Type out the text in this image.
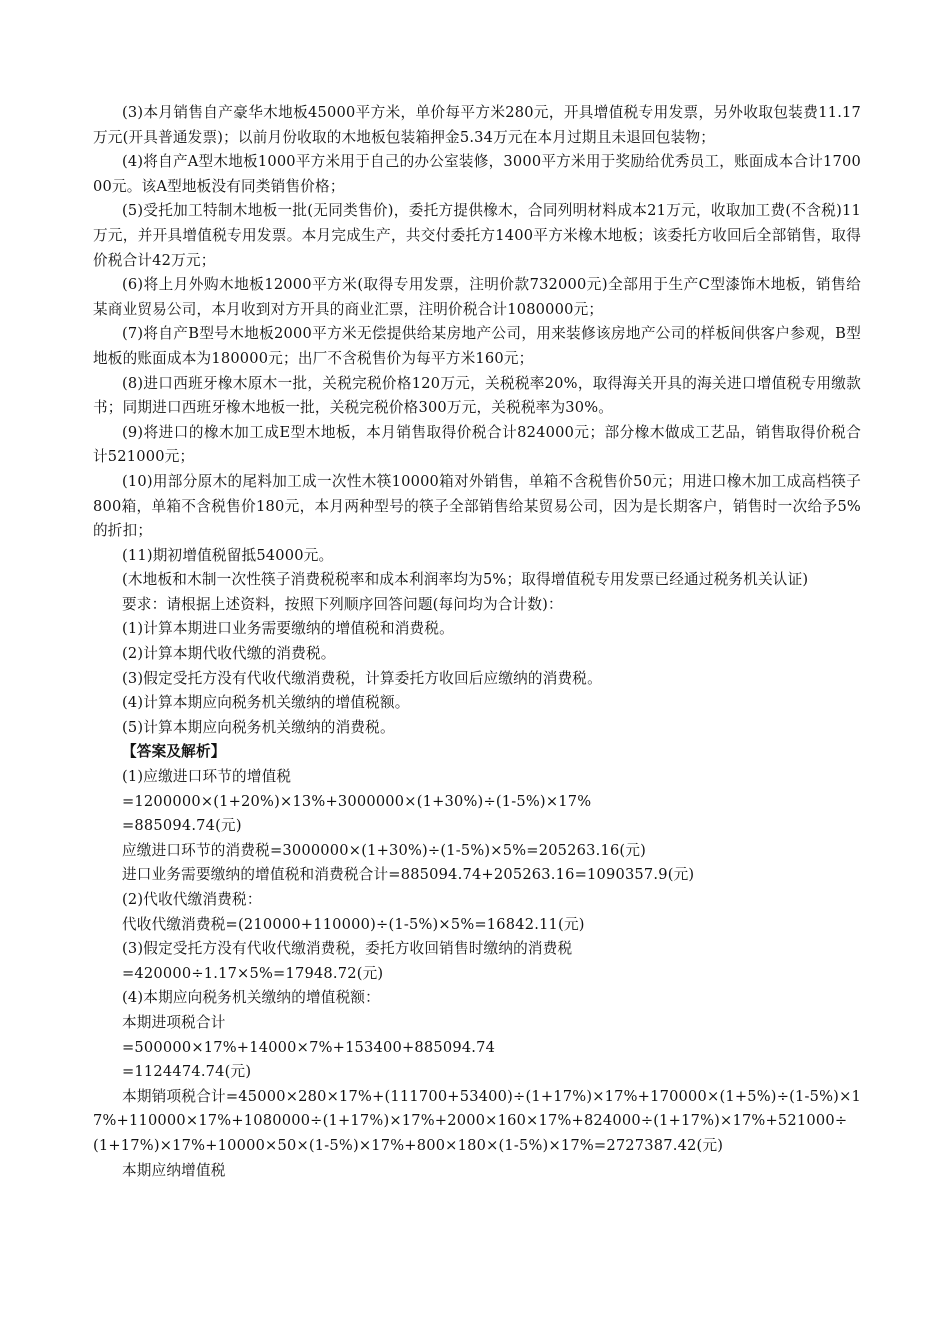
(3)本月销售自产豪华木地板45000平方米，单价每平方米280元，开具增值税专用发票，另外收取包装费11.17万元(开具普通发票)；以前月份收取的木地板包装箱押金5.34万元在本月过期且未退回包装物；

(4)将自产A型木地板1000平方米用于自己的办公室装修，3000平方米用于奖励给优秀员工，账面成本合计170000元。该A型地板没有同类销售价格；

(5)受托加工特制木地板一批(无同类售价)，委托方提供橡木，合同列明材料成本21万元，收取加工费(不含税)11万元，并开具增值税专用发票。本月完成生产，共交付委托方1400平方米橡木地板；该委托方收回后全部销售，取得价税合计42万元；

(6)将上月外购木地板12000平方米(取得专用发票，注明价款732000元)全部用于生产C型漆饰木地板，销售给某商业贸易公司，本月收到对方开具的商业汇票，注明价税合计1080000元；

(7)将自产B型号木地板2000平方米无偿提供给某房地产公司，用来装修该房地产公司的样板间供客户参观，B型地板的账面成本为180000元；出厂不含税售价为每平方米160元；

(8)进口西班牙橡木原木一批，关税完税价格120万元，关税税率20%，取得海关开具的海关进口增值税专用缴款书；同期进口西班牙橡木地板一批，关税完税价格300万元，关税税率为30%。

(9)将进口的橡木加工成E型木地板，本月销售取得价税合计824000元；部分橡木做成工艺品，销售取得价税合计521000元；

(10)用部分原木的尾料加工成一次性木筷10000箱对外销售，单箱不含税售价50元；用进口橡木加工成高档筷子800箱，单箱不含税售价180元，本月两种型号的筷子全部销售给某贸易公司，因为是长期客户，销售时一次给予5%的折扣；

(11)期初增值税留抵54000元。

(木地板和木制一次性筷子消费税税率和成本利润率均为5%；取得增值税专用发票已经通过税务机关认证)

要求：请根据上述资料，按照下列顺序回答问题(每问均为合计数)：

(1)计算本期进口业务需要缴纳的增值税和消费税。

(2)计算本期代收代缴的消费税。

(3)假定受托方没有代收代缴消费税，计算委托方收回后应缴纳的消费税。

(4)计算本期应向税务机关缴纳的增值税额。

(5)计算本期应向税务机关缴纳的消费税。

【答案及解析】

(1)应缴进口环节的增值税

=1200000×(1+20%)×13%+3000000×(1+30%)÷(1-5%)×17%

=885094.74(元)

应缴进口环节的消费税=3000000×(1+30%)÷(1-5%)×5%=205263.16(元)

进口业务需要缴纳的增值税和消费税合计=885094.74+205263.16=1090357.9(元)

(2)代收代缴消费税：

代收代缴消费税=(210000+110000)÷(1-5%)×5%=16842.11(元)

(3)假定受托方没有代收代缴消费税，委托方收回销售时缴纳的消费税

=420000÷1.17×5%=17948.72(元)

(4)本期应向税务机关缴纳的增值税额：

本期进项税合计

=500000×17%+14000×7%+153400+885094.74

=1124474.74(元)

本期销项税合计=45000×280×17%+(111700+53400)÷(1+17%)×17%+170000×(1+5%)÷(1-5%)×17%+110000×17%+1080000÷(1+17%)×17%+2000×160×17%+824000÷(1+17%)×17%+521000÷(1+17%)×17%+10000×50×(1-5%)×17%+800×180×(1-5%)×17%=2727387.42(元)

本期应纳增值税
